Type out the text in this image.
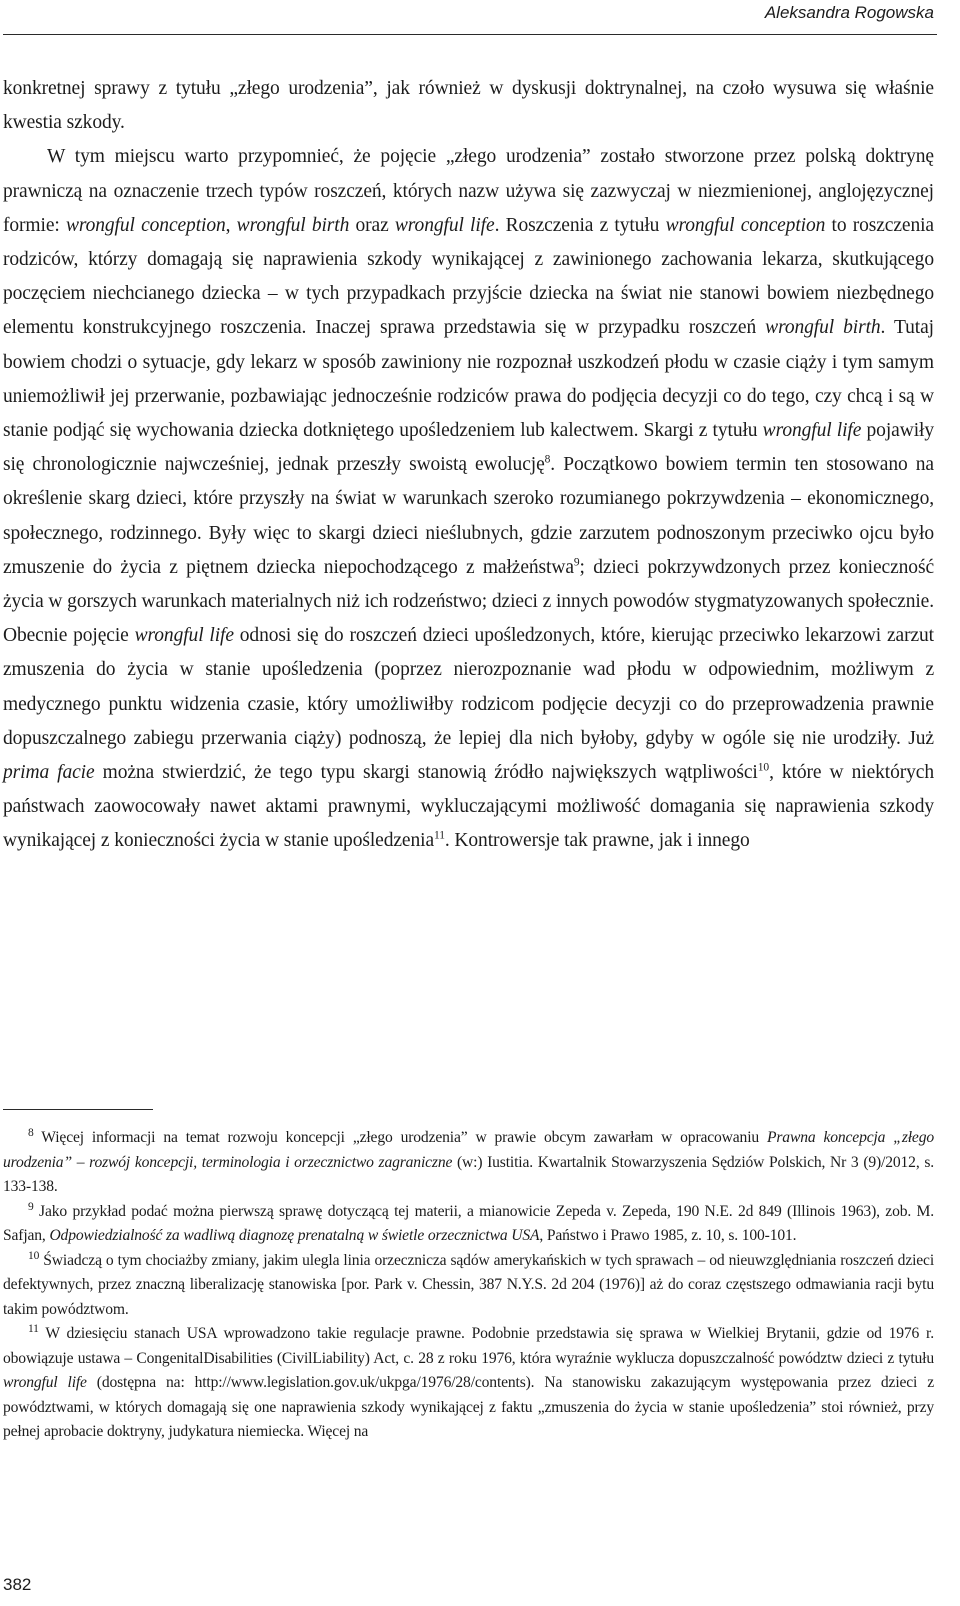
Aleksandra Rogowska

konkretnej sprawy z tytułu „złego urodzenia”, jak również w dyskusji doktrynalnej, na czoło wysuwa się właśnie kwestia szkody.

W tym miejscu warto przypomnieć, że pojęcie „złego urodzenia” zostało stworzone przez polską doktrynę prawniczą na oznaczenie trzech typów roszczeń, których nazw używa się zazwyczaj w niezmienionej, anglojęzycznej formie: wrongful conception, wrongful birth oraz wrongful life. Roszczenia z tytułu wrongful conception to roszczenia rodziców, którzy domagają się naprawienia szkody wynikającej z zawinionego zachowania lekarza, skutkującego poczęciem niechcianego dziecka – w tych przypadkach przyjście dziecka na świat nie stanowi bowiem niezbędnego elementu konstrukcyjnego roszczenia. Inaczej sprawa przedstawia się w przypadku roszczeń wrongful birth. Tutaj bowiem chodzi o sytuacje, gdy lekarz w sposób zawiniony nie rozpoznał uszkodzeń płodu w czasie ciąży i tym samym uniemożliwił jej przerwanie, pozbawiając jednocześnie rodziców prawa do podjęcia decyzji co do tego, czy chcą i są w stanie podjąć się wychowania dziecka dotkniętego upośledzeniem lub kalectwem. Skargi z tytułu wrongful life pojawiły się chronologicznie najwcześniej, jednak przeszły swoistą ewolucję$^8$. Początkowo bowiem termin ten stosowano na określenie skarg dzieci, które przyszły na świat w warunkach szeroko rozumianego pokrzywdzenia – ekonomicznego, społecznego, rodzinnego. Były więc to skargi dzieci nieślubnych, gdzie zarzutem podnoszonym przeciwko ojcu było zmuszenie do życia z piętnem dziecka niepochodzącego z małżeństwa$^9$; dzieci pokrzywdzonych przez konieczność życia w gorszych warunkach materialnych niż ich rodzeństwo; dzieci z innych powodów stygmatyzowanych społecznie. Obecnie pojęcie wrongful life odnosi się do roszczeń dzieci upośledzonych, które, kierując przeciwko lekarzowi zarzut zmuszenia do życia w stanie upośledzenia (poprzez nierozpoznanie wad płodu w odpowiednim, możliwym z medycznego punktu widzenia czasie, który umożliwiłby rodzicom podjęcie decyzji co do przeprowadzenia prawnie dopuszczalnego zabiegu przerwania ciąży) podnoszą, że lepiej dla nich byłoby, gdyby w ogóle się nie urodziły. Już prima facie można stwierdzić, że tego typu skargi stanowią źródło największych wątpliwości$^{10}$, które w niektórych państwach zaowocowały nawet aktami prawnymi, wykluczającymi możliwość domagania się naprawienia szkody wynikającej z konieczności życia w stanie upośledzenia$^{11}$. Kontrowersje tak prawne, jak i innego

$^8$ Więcej informacji na temat rozwoju koncepcji „złego urodzenia” w prawie obcym zawarłam w opracowaniu Prawna koncepcja „złego urodzenia” – rozwój koncepcji, terminologia i orzecznictwo zagraniczne (w:) Iustitia. Kwartalnik Stowarzyszenia Sędziów Polskich, Nr 3 (9)/2012, s. 133-138.

$^9$ Jako przykład podać można pierwszą sprawę dotyczącą tej materii, a mianowicie Zepeda v. Zepeda, 190 N.E. 2d 849 (Illinois 1963), zob. M. Safjan, Odpowiedzialność za wadliwą diagnozę prenatalną w świetle orzecznictwa USA, Państwo i Prawo 1985, z. 10, s. 100-101.

$^{10}$ Świadczą o tym chociażby zmiany, jakim ulegla linia orzecznicza sądów amerykańskich w tych sprawach – od nieuwzględniania roszczeń dzieci defektywnych, przez znaczną liberalizację stanowiska [por. Park v. Chessin, 387 N.Y.S. 2d 204 (1976)] aż do coraz częstszego odmawiania racji bytu takim powództwom.

$^{11}$ W dziesięciu stanach USA wprowadzono takie regulacje prawne. Podobnie przedstawia się sprawa w Wielkiej Brytanii, gdzie od 1976 r. obowiązuje ustawa – CongenitalDisabilities (CivilLiability) Act, c. 28 z roku 1976, która wyraźnie wyklucza dopuszczalność powództw dzieci z tytułu wrongful life (dostępna na: http://www.legislation.gov.uk/ukpga/1976/28/contents). Na stanowisku zakazującym występowania przez dzieci z powództwami, w których domagają się one naprawienia szkody wynikającej z faktu „zmuszenia do życia w stanie upośledzenia” stoi również, przy pełnej aprobacie doktryny, judykatura niemiecka. Więcej na

382
